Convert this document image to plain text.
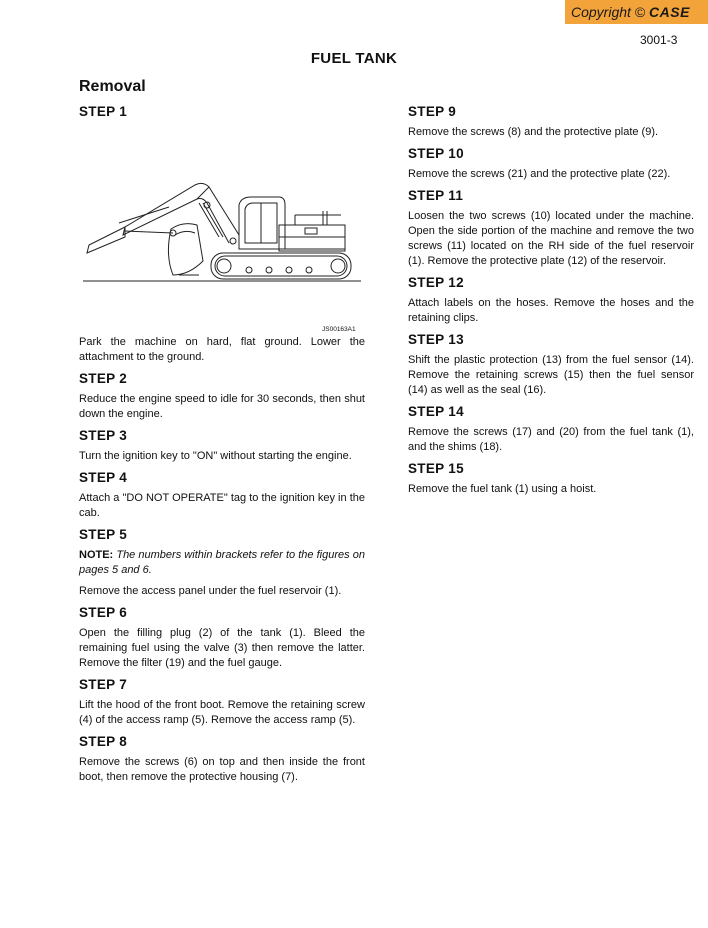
Copyright © CASE
3001-3
FUEL TANK
Removal
STEP 1
JS00163A1

Park the machine on hard, flat ground. Lower the attachment to the ground.

STEP 2

Reduce the engine speed to idle for 30 seconds, then shut down the engine.

STEP 3

Turn the ignition key to "ON" without starting the engine.

STEP 4

Attach a "DO NOT OPERATE" tag to the ignition key in the cab.

STEP 5

NOTE: The numbers within brackets refer to the figures on pages 5 and 6.

Remove the access panel under the fuel reservoir (1).

STEP 6

Open the filling plug (2) of the tank (1). Bleed the remaining fuel using the valve (3) then remove the latter. Remove the filter (19) and the fuel gauge.

STEP 7

Lift the hood of the front boot. Remove the retaining screw (4) of the access ramp (5). Remove the access ramp (5).

STEP 8

Remove the screws (6) on top and then inside the front boot, then remove the protective housing (7).

STEP 9

Remove the screws (8) and the protective plate (9).

STEP 10

Remove the screws (21) and the protective plate (22).

STEP 11

Loosen the two screws (10) located under the machine. Open the side portion of the machine and remove the two screws (11) located on the RH side of the fuel reservoir (1). Remove the protective plate (12) of the reservoir.

STEP 12

Attach labels on the hoses. Remove the hoses and the retaining clips.

STEP 13

Shift the plastic protection (13) from the fuel sensor (14). Remove the retaining screws (15) then the fuel sensor (14) as well as the seal (16).

STEP 14

Remove the screws (17) and (20) from the fuel tank (1), and the shims (18).

STEP 15

Remove the fuel tank (1) using a hoist.
